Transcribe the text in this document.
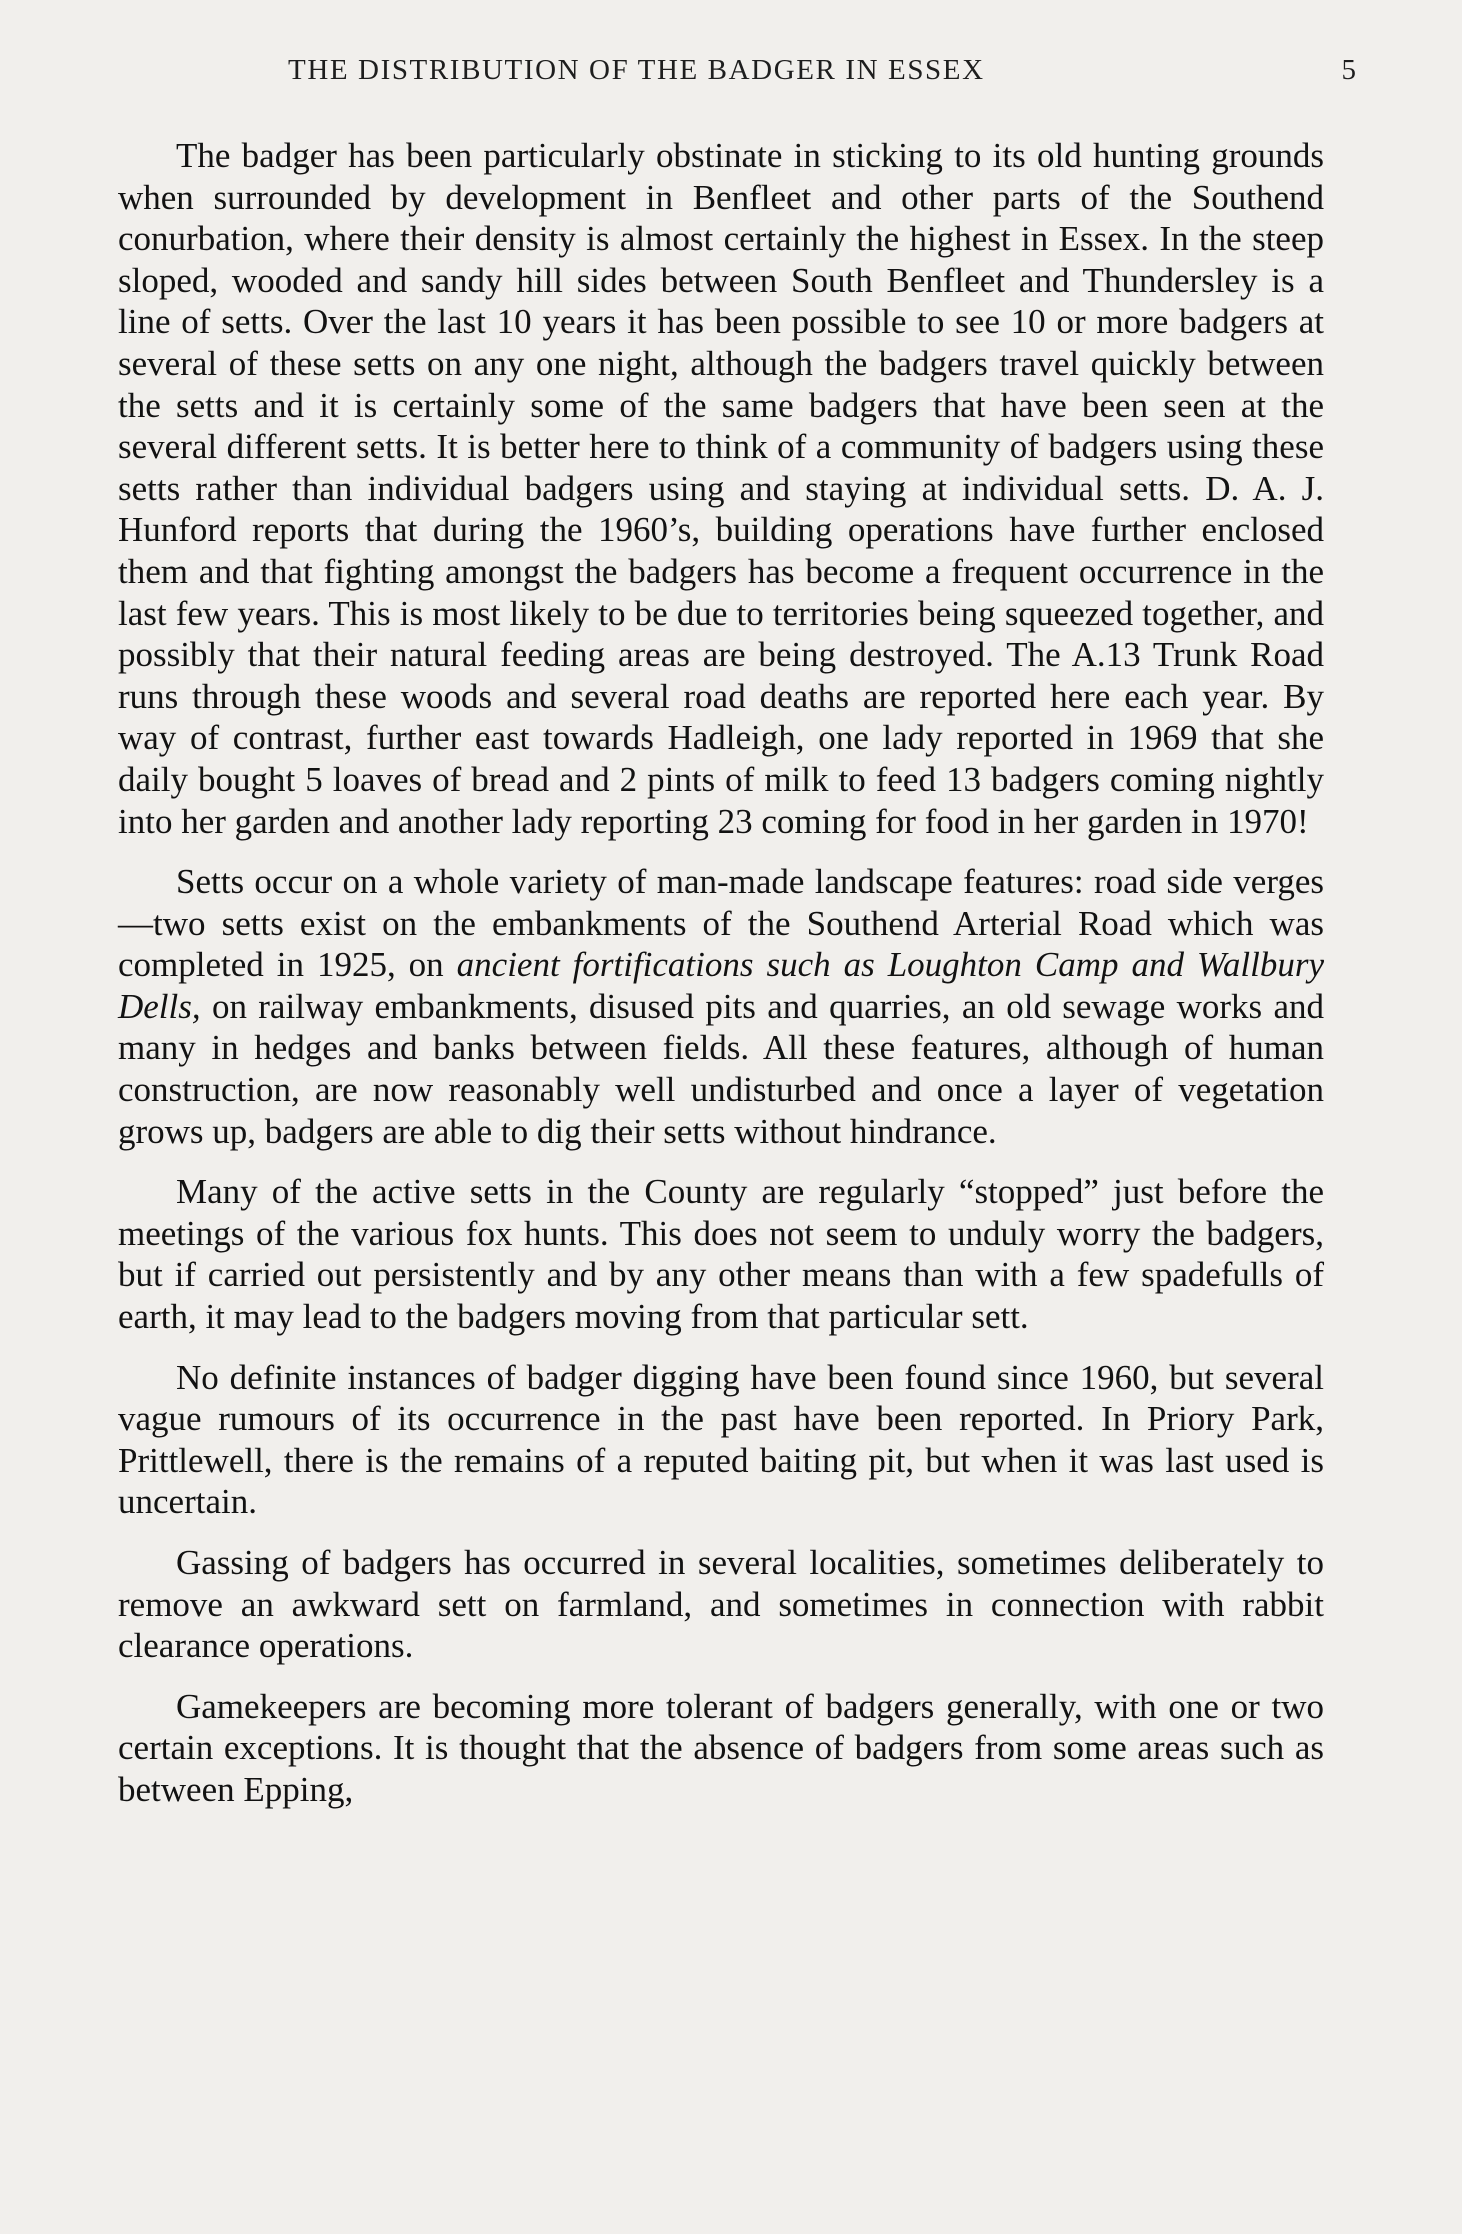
THE DISTRIBUTION OF THE BADGER IN ESSEX	5

The badger has been particularly obstinate in sticking to its old hunting grounds when surrounded by development in Benfleet and other parts of the Southend conurbation, where their density is almost certainly the highest in Essex. In the steep sloped, wooded and sandy hill sides between South Benfleet and Thundersley is a line of setts. Over the last 10 years it has been possible to see 10 or more badgers at several of these setts on any one night, although the badgers travel quickly between the setts and it is certainly some of the same badgers that have been seen at the several different setts. It is better here to think of a community of badgers using these setts rather than individual badgers using and staying at individual setts. D. A. J. Hunford reports that during the 1960’s, building operations have further enclosed them and that fighting amongst the badgers has become a frequent occurrence in the last few years. This is most likely to be due to territories being squeezed together, and possibly that their natural feeding areas are being destroyed. The A.13 Trunk Road runs through these woods and several road deaths are reported here each year. By way of contrast, further east towards Hadleigh, one lady reported in 1969 that she daily bought 5 loaves of bread and 2 pints of milk to feed 13 badgers coming nightly into her garden and another lady reporting 23 coming for food in her garden in 1970!

Setts occur on a whole variety of man-made landscape features: road side verges—two setts exist on the embankments of the Southend Arterial Road which was completed in 1925, on ancient fortifications such as Loughton Camp and Wallbury Dells, on railway embankments, disused pits and quarries, an old sewage works and many in hedges and banks between fields. All these features, although of human construction, are now reasonably well undisturbed and once a layer of vegetation grows up, badgers are able to dig their setts without hindrance.

Many of the active setts in the County are regularly “stopped” just before the meetings of the various fox hunts. This does not seem to unduly worry the badgers, but if carried out persistently and by any other means than with a few spadefulls of earth, it may lead to the badgers moving from that particular sett.

No definite instances of badger digging have been found since 1960, but several vague rumours of its occurrence in the past have been reported. In Priory Park, Prittlewell, there is the remains of a reputed baiting pit, but when it was last used is uncertain.

Gassing of badgers has occurred in several localities, sometimes deliberately to remove an awkward sett on farmland, and sometimes in connection with rabbit clearance operations.

Gamekeepers are becoming more tolerant of badgers generally, with one or two certain exceptions. It is thought that the absence of badgers from some areas such as between Epping,
